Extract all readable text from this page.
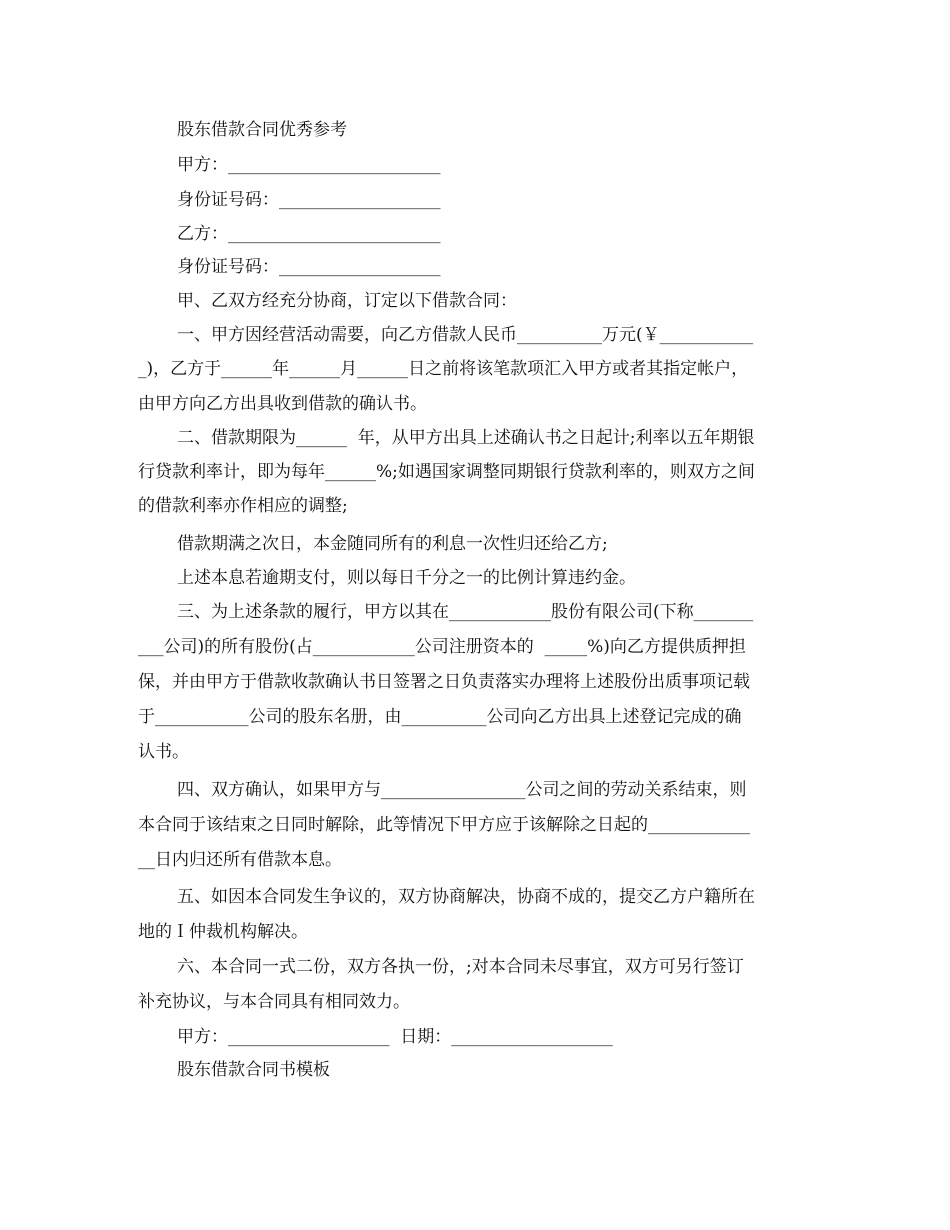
股东借款合同优秀参考
甲方：_________________________
身份证号码：___________________
乙方：_________________________
身份证号码：___________________
甲、乙双方经充分协商，订定以下借款合同：
一、甲方因经营活动需要，向乙方借款人民币__________万元(￥___________
_)，乙方于______年______月______日之前将该笔款项汇入甲方或者其指定帐户，
由甲方向乙方出具收到借款的确认书。
二、借款期限为______  年，从甲方出具上述确认书之日起计;利率以五年期银
行贷款利率计，即为每年______%;如遇国家调整同期银行贷款利率的，则双方之间
的借款利率亦作相应的调整;
借款期满之次日，本金随同所有的利息一次性归还给乙方;
上述本息若逾期支付，则以每日千分之一的比例计算违约金。
三、为上述条款的履行，甲方以其在____________股份有限公司(下称_______
___公司)的所有股份(占____________公司注册资本的  _____%)向乙方提供质押担
保，并由甲方于借款收款确认书日签署之日负责落实办理将上述股份出质事项记载
于___________公司的股东名册，由__________公司向乙方出具上述登记完成的确
认书。
四、双方确认，如果甲方与_________________公司之间的劳动关系结束，则
本合同于该结束之日同时解除，此等情况下甲方应于该解除之日起的____________
__日内归还所有借款本息。
五、如因本合同发生争议的，双方协商解决，协商不成的，提交乙方户籍所在
地的Ｉ仲裁机构解决。
六、本合同一式二份，双方各执一份，;对本合同未尽事宜，双方可另行签订
补充协议，与本合同具有相同效力。
甲方：___________________  日期：___________________
股东借款合同书模板
